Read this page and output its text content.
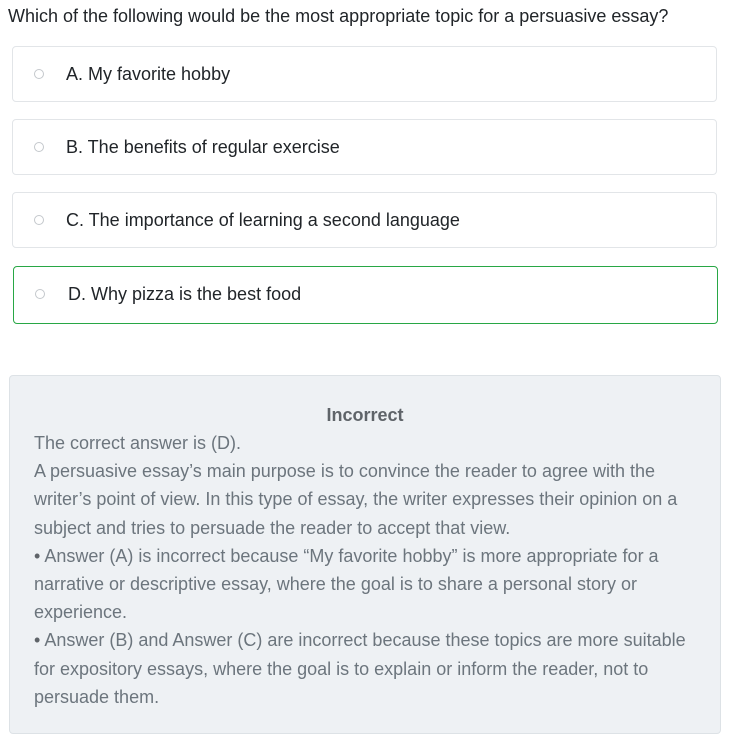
Which of the following would be the most appropriate topic for a persuasive essay?
A. My favorite hobby
B. The benefits of regular exercise
C. The importance of learning a second language
D. Why pizza is the best food
Incorrect

The correct answer is (D).

A persuasive essay’s main purpose is to convince the reader to agree with the writer’s point of view. In this type of essay, the writer expresses their opinion on a subject and tries to persuade the reader to accept that view.

• Answer (A) is incorrect because “My favorite hobby” is more appropriate for a narrative or descriptive essay, where the goal is to share a personal story or experience.

• Answer (B) and Answer (C) are incorrect because these topics are more suitable for expository essays, where the goal is to explain or inform the reader, not to persuade them.
